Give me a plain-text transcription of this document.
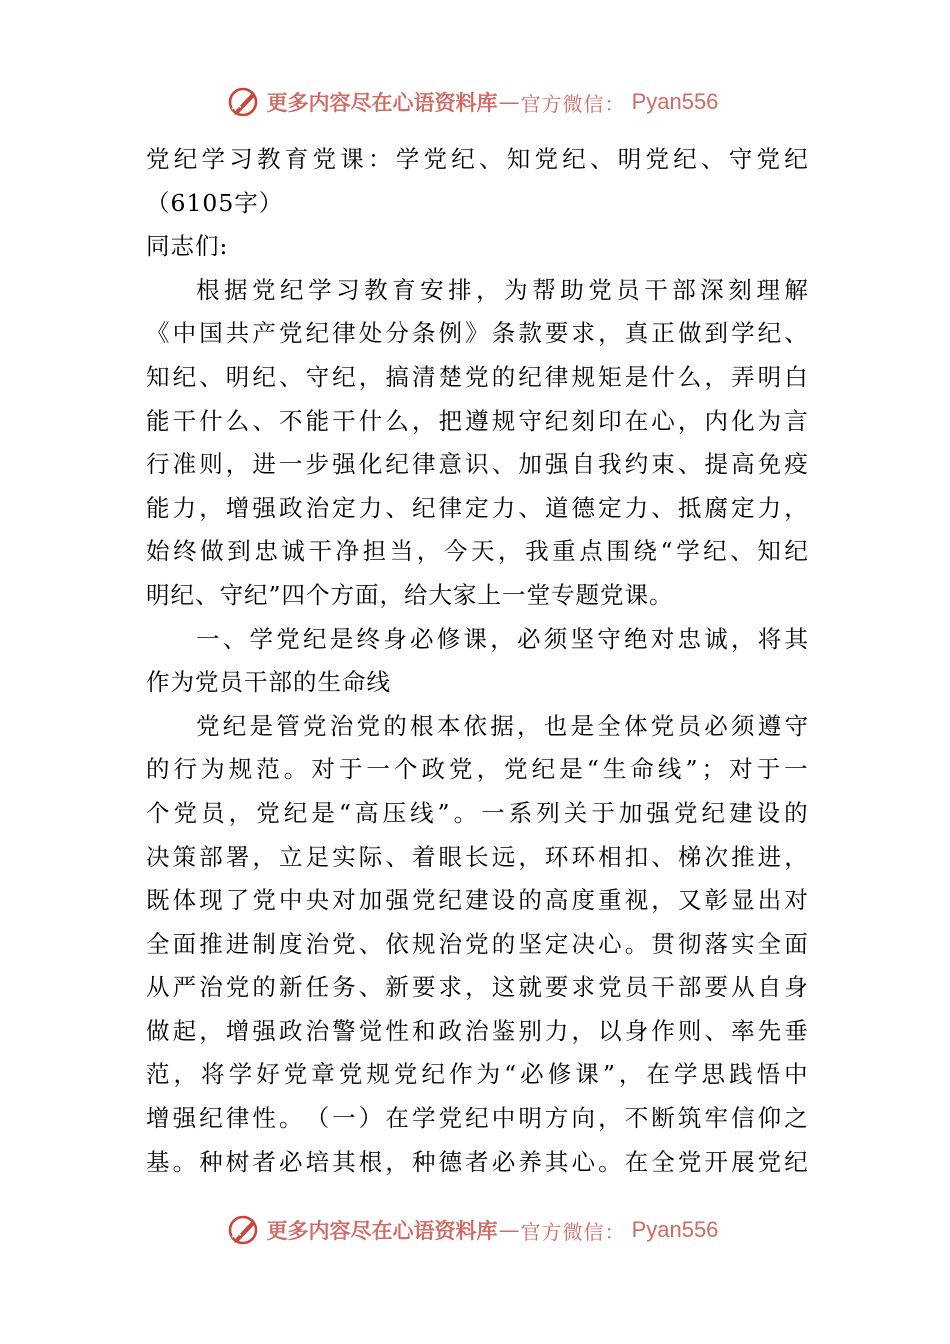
更多内容尽在心语资料库 — 官方微信： Pyan556
党 纪 学 习 教 育 党 课 ： 学 党 纪 、 知 党 纪 、 明 党 纪 、 守 党 纪
（6105字）
同志们:
根 据 党 纪 学 习 教 育 安 排 ， 为 帮 助 党 员 干 部 深 刻 理 解
《 中 国 共 产 党 纪 律 处 分 条 例 》 条 款 要 求 ， 真 正 做 到 学 纪 、
知 纪 、 明 纪 、 守 纪 ， 搞 清 楚 党 的 纪 律 规 矩 是 什 么 ， 弄 明 白
能 干 什 么 、 不 能 干 什 么 ， 把 遵 规 守 纪 刻 印 在 心 ， 内 化 为 言
行 准 则 ， 进 一 步 强 化 纪 律 意 识 、 加 强 自 我 约 束 、 提 高 免 疫
能 力 ， 增 强 政 治 定 力 、 纪 律 定 力 、 道 德 定 力 、 抵 腐 定 力 ，
始 终 做 到 忠 诚 干 净 担 当 ， 今 天 ， 我 重 点 围 绕 “ 学 纪 、 知 纪
明纪、守纪”四个方面，给大家上一堂专题党课。
一 、 学 党 纪 是 终 身 必 修 课 ， 必 须 坚 守 绝 对 忠 诚 ， 将 其
作为党员干部的生命线
党 纪 是 管 党 治 党 的 根 本 依 据 ， 也 是 全 体 党 员 必 须 遵 守
的 行 为 规 范 。 对 于 一 个 政 党 ， 党 纪 是 “ 生 命 线 ” ； 对 于 一
个 党 员 ， 党 纪 是 “ 高 压 线 ” 。 一 系 列 关 于 加 强 党 纪 建 设 的
决 策 部 署 ， 立 足 实 际 、 着 眼 长 远 ， 环 环 相 扣 、 梯 次 推 进 ，
既 体 现 了 党 中 央 对 加 强 党 纪 建 设 的 高 度 重 视 ， 又 彰 显 出 对
全 面 推 进 制 度 治 党 、 依 规 治 党 的 坚 定 决 心 。 贯 彻 落 实 全 面
从 严 治 党 的 新 任 务 、 新 要 求 ， 这 就 要 求 党 员 干 部 要 从 自 身
做 起 ， 增 强 政 治 警 觉 性 和 政 治 鉴 别 力 ， 以 身 作 则 、 率 先 垂
范 ， 将 学 好 党 章 党 规 党 纪 作 为 “ 必 修 课 ” ， 在 学 思 践 悟 中
增 强 纪 律 性 。 （ 一 ） 在 学 党 纪 中 明 方 向 ， 不 断 筑 牢 信 仰 之
基 。 种 树 者 必 培 其 根 ， 种 德 者 必 养 其 心 。 在 全 党 开 展 党 纪
更多内容尽在心语资料库 — 官方微信： Pyan556
